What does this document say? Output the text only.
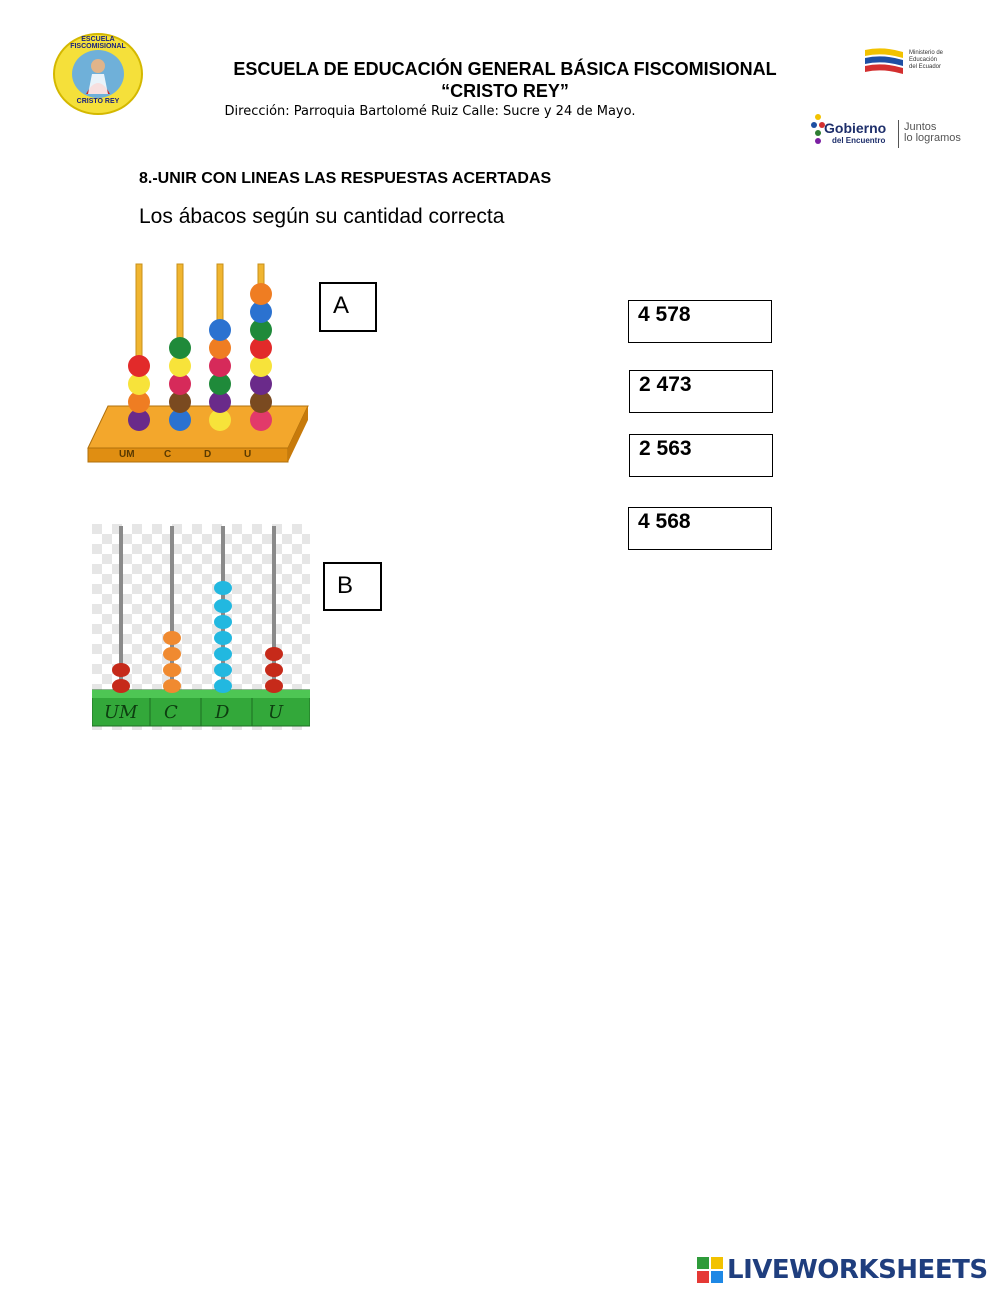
ESCUELA FISCOMISIONAL
CRISTO REY
ESCUELA DE EDUCACIÓN GENERAL BÁSICA FISCOMISIONAL
“CRISTO REY”
Dirección: Parroquia Bartolomé Ruiz Calle: Sucre y 24 de Mayo.
Ministerio de
Educación
del Ecuador
Gobierno
del Encuentro
Juntos
lo logramos
8.-UNIR CON LINEAS LAS RESPUESTAS ACERTADAS
Los ábacos según su cantidad correcta
UM	C	D	U
A
UM C D U
B
4 578
2 473
2 563
4 568
LIVEWORKSHEETS
